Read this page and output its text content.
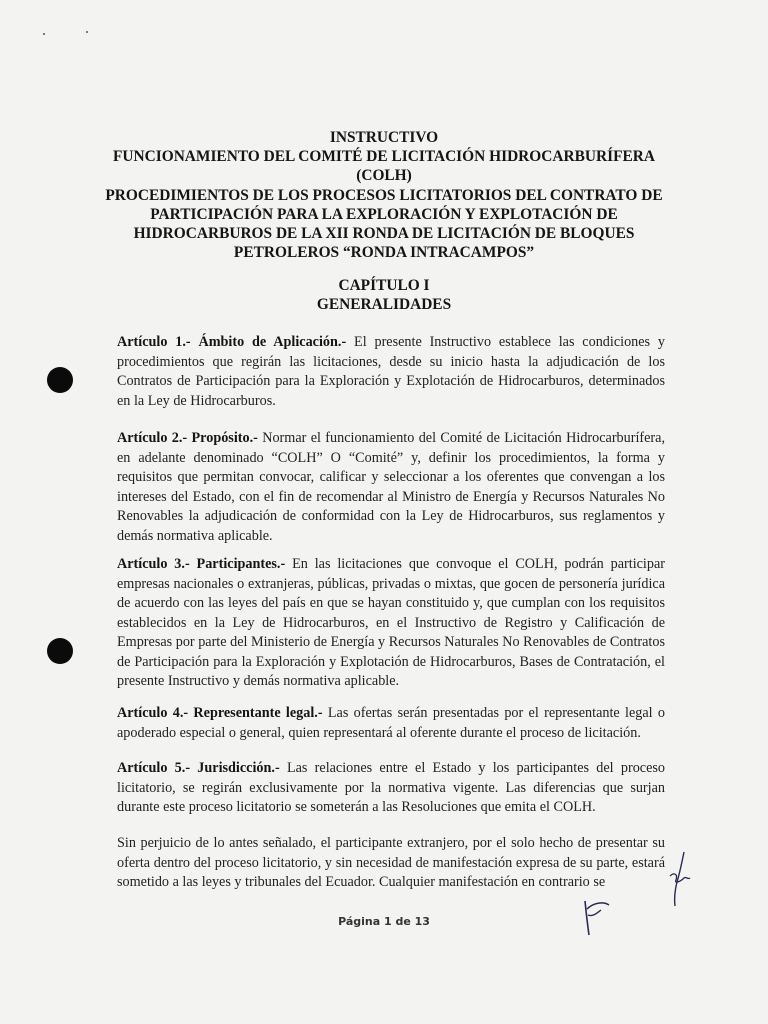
INSTRUCTIVO
FUNCIONAMIENTO DEL COMITÉ DE LICITACIÓN HIDROCARBURÍFERA
(COLH)
PROCEDIMIENTOS DE LOS PROCESOS LICITATORIOS DEL CONTRATO DE
PARTICIPACIÓN PARA LA EXPLORACIÓN Y EXPLOTACIÓN DE
HIDROCARBUROS DE LA XII RONDA DE LICITACIÓN DE BLOQUES
PETROLEROS “RONDA INTRACAMPOS”
CAPÍTULO I
GENERALIDADES

Artículo 1.- Ámbito de Aplicación.- El presente Instructivo establece las condiciones y procedimientos que regirán las licitaciones, desde su inicio hasta la adjudicación de los Contratos de Participación para la Exploración y Explotación de Hidrocarburos, determinados en la Ley de Hidrocarburos.

Artículo 2.- Propósito.- Normar el funcionamiento del Comité de Licitación Hidrocarburífera, en adelante denominado “COLH” O “Comité” y, definir los procedimientos, la forma y requisitos que permitan convocar, calificar y seleccionar a los oferentes que convengan a los intereses del Estado, con el fin de recomendar al Ministro de Energía y Recursos Naturales No Renovables la adjudicación de conformidad con la Ley de Hidrocarburos, sus reglamentos y demás normativa aplicable.

Artículo 3.- Participantes.- En las licitaciones que convoque el COLH, podrán participar empresas nacionales o extranjeras, públicas, privadas o mixtas, que gocen de personería jurídica de acuerdo con las leyes del país en que se hayan constituido y, que cumplan con los requisitos establecidos en la Ley de Hidrocarburos, en el Instructivo de Registro y Calificación de Empresas por parte del Ministerio de Energía y Recursos Naturales No Renovables de Contratos de Participación para la Exploración y Explotación de Hidrocarburos, Bases de Contratación, el presente Instructivo y demás normativa aplicable.

Artículo 4.- Representante legal.- Las ofertas serán presentadas por el representante legal o apoderado especial o general, quien representará al oferente durante el proceso de licitación.

Artículo 5.- Jurisdicción.- Las relaciones entre el Estado y los participantes del proceso licitatorio, se regirán exclusivamente por la normativa vigente. Las diferencias que surjan durante este proceso licitatorio se someterán a las Resoluciones que emita el COLH.

Sin perjuicio de lo antes señalado, el participante extranjero, por el solo hecho de presentar su oferta dentro del proceso licitatorio, y sin necesidad de manifestación expresa de su parte, estará sometido a las leyes y tribunales del Ecuador. Cualquier manifestación en contrario se

Página 1 de 13
